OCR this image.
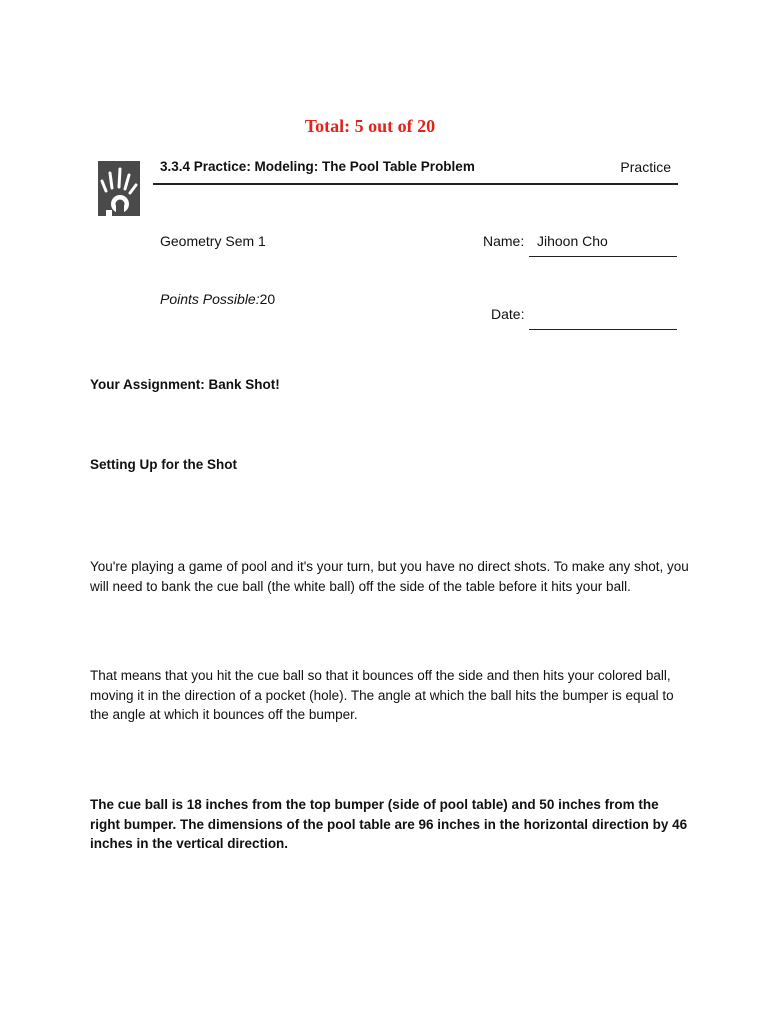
Total: 5 out of 20
3.3.4 Practice: Modeling: The Pool Table Problem	Practice
Geometry Sem 1	Name: Jihoon Cho
Points Possible:20
Date:
Your Assignment: Bank Shot!
Setting Up for the Shot
You're playing a game of pool and it's your turn, but you have no direct shots. To make any shot, you will need to bank the cue ball (the white ball) off the side of the table before it hits your ball.
That means that you hit the cue ball so that it bounces off the side and then hits your colored ball, moving it in the direction of a pocket (hole). The angle at which the ball hits the bumper is equal to the angle at which it bounces off the bumper.
The cue ball is 18 inches from the top bumper (side of pool table) and 50 inches from the right bumper. The dimensions of the pool table are 96 inches in the horizontal direction by 46 inches in the vertical direction.
